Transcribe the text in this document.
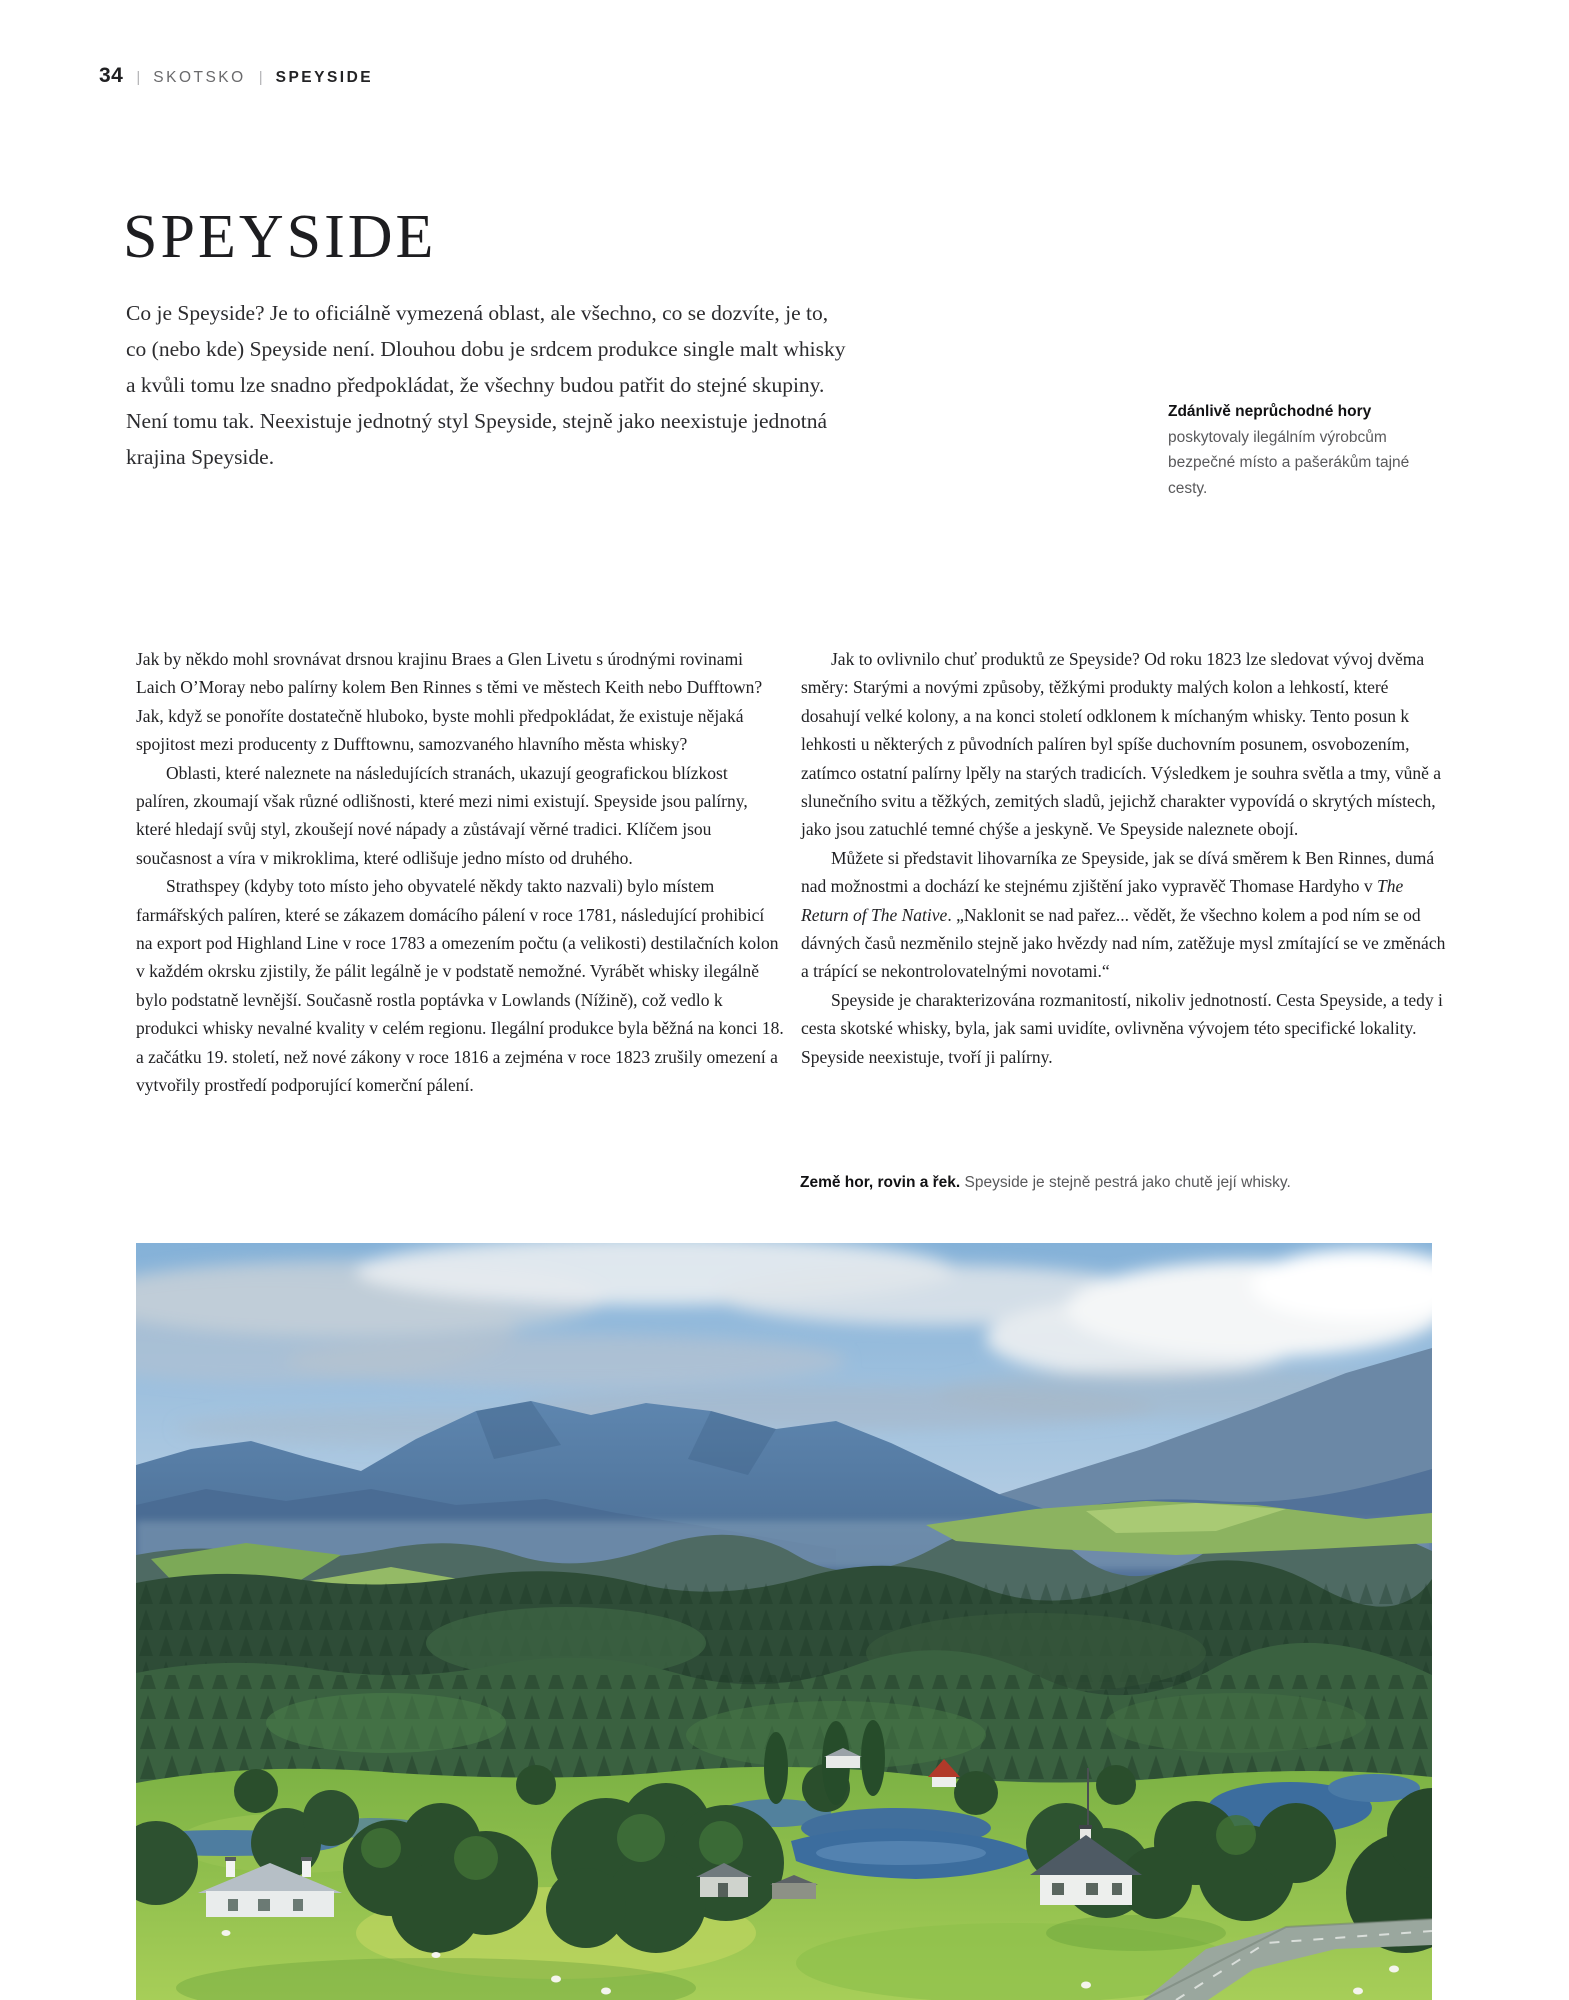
34 | SKOTSKO | SPEYSIDE
SPEYSIDE
Co je Speyside? Je to oficiálně vymezená oblast, ale všechno, co se dozvíte, je to,
co (nebo kde) Speyside není. Dlouhou dobu je srdcem produkce single malt whisky
a kvůli tomu lze snadno předpokládat, že všechny budou patřit do stejné skupiny.
Není tomu tak. Neexistuje jednotný styl Speyside, stejně jako neexistuje jednotná
krajina Speyside.
Zdánlivě neprůchodné hory poskytovaly ilegálním výrobcům bezpečné místo a pašerákům tajné cesty.

Jak by někdo mohl srovnávat drsnou krajinu Braes a Glen Livetu s úrodnými rovinami Laich O’Moray nebo palírny kolem Ben Rinnes s těmi ve městech Keith nebo Dufftown? Jak, když se ponoříte dostatečně hluboko, byste mohli předpokládat, že existuje nějaká spojitost mezi producenty z Dufftownu, samozvaného hlavního města whisky?

Oblasti, které naleznete na následujících stranách, ukazují geografickou blízkost palíren, zkoumají však různé odlišnosti, které mezi nimi existují. Speyside jsou palírny, které hledají svůj styl, zkoušejí nové nápady a zůstávají věrné tradici. Klíčem jsou současnost a víra v mikroklima, které odlišuje jedno místo od druhého.

Strathspey (kdyby toto místo jeho obyvatelé někdy takto nazvali) bylo místem farmářských palíren, které se zákazem domácího pálení v roce 1781, následující prohibicí na export pod Highland Line v roce 1783 a omezením počtu (a velikosti) destilačních kolon v každém okrsku zjistily, že pálit legálně je v podstatě nemožné. Vyrábět whisky ilegálně bylo podstatně levnější. Současně rostla poptávka v Lowlands (Nížině), což vedlo k produkci whisky nevalné kvality v celém regionu. Ilegální produkce byla běžná na konci 18. a začátku 19. století, než nové zákony v roce 1816 a zejména v roce 1823 zrušily omezení a vytvořily prostředí podporující komerční pálení.

Jak to ovlivnilo chuť produktů ze Speyside? Od roku 1823 lze sledovat vývoj dvěma směry: Starými a novými způsoby, těžkými produkty malých kolon a lehkostí, které dosahují velké kolony, a na konci století odklonem k míchaným whisky. Tento posun k lehkosti u některých z původních palíren byl spíše duchovním posunem, osvobozením, zatímco ostatní palírny lpěly na starých tradicích. Výsledkem je souhra světla a tmy, vůně a slunečního svitu a těžkých, zemitých sladů, jejichž charakter vypovídá o skrytých místech, jako jsou zatuchlé temné chýše a jeskyně. Ve Speyside naleznete obojí.

Můžete si představit lihovarníka ze Speyside, jak se dívá směrem k Ben Rinnes, dumá nad možnostmi a dochází ke stejnému zjištění jako vypravěč Thomase Hardyho v The Return of The Native. „Naklonit se nad pařez... vědět, že všechno kolem a pod ním se od dávných časů nezměnilo stejně jako hvězdy nad ním, zatěžuje mysl zmítající se ve změnách a trápící se nekontrolovatelnými novotami.“

Speyside je charakterizována rozmanitostí, nikoliv jednotností. Cesta Speyside, a tedy i cesta skotské whisky, byla, jak sami uvidíte, ovlivněna vývojem této specifické lokality. Speyside neexistuje, tvoří ji palírny.

Země hor, rovin a řek. Speyside je stejně pestrá jako chutě její whisky.
